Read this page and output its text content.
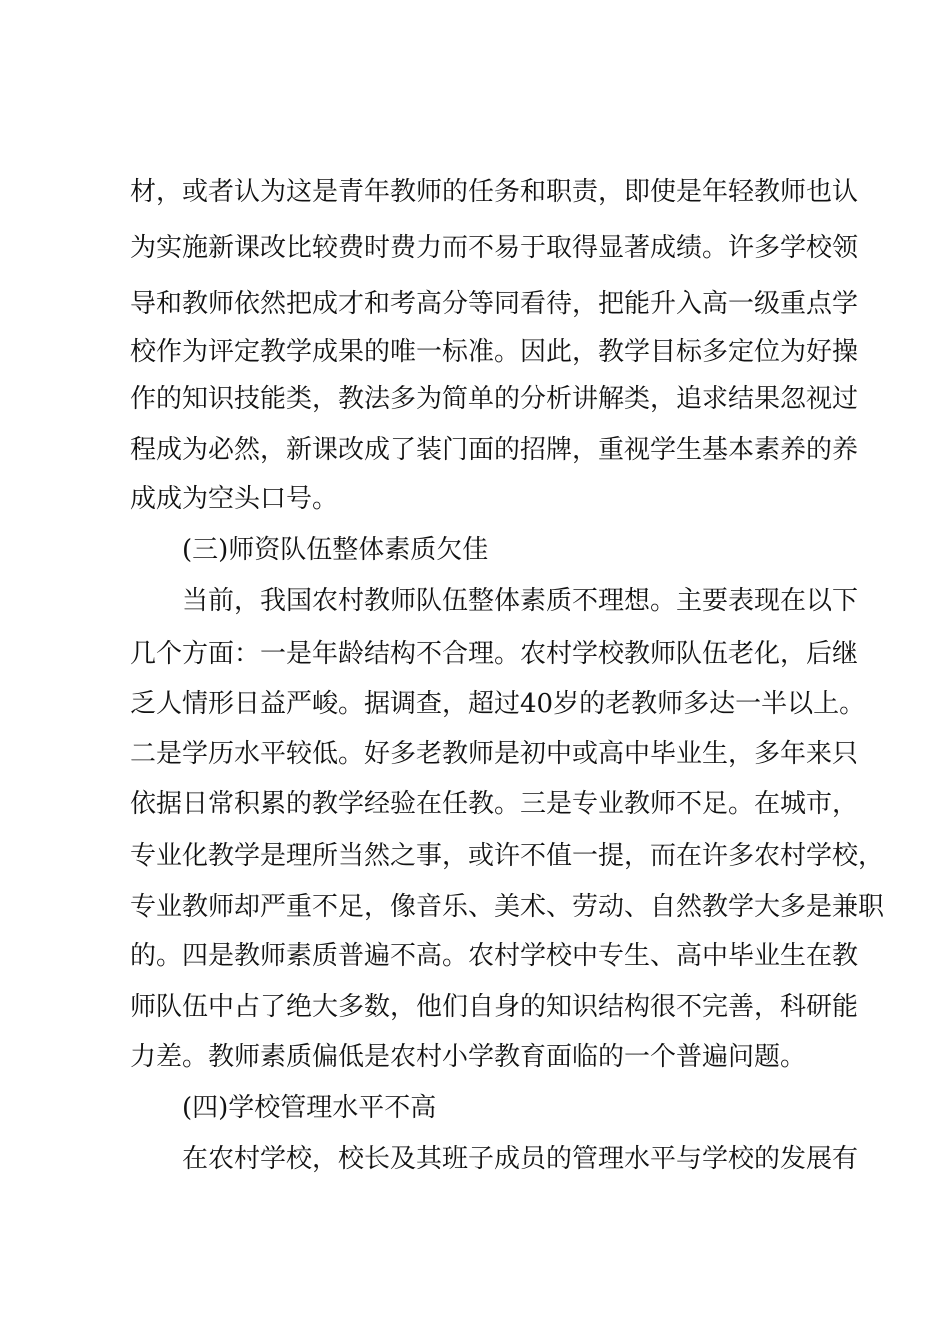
材，或者认为这是青年教师的任务和职责，即使是年轻教师也认
为实施新课改比较费时费力而不易于取得显著成绩。许多学校领
导和教师依然把成才和考高分等同看待，把能升入高一级重点学
校作为评定教学成果的唯一标准。因此，教学目标多定位为好操
作的知识技能类，教法多为简单的分析讲解类，追求结果忽视过
程成为必然，新课改成了装门面的招牌，重视学生基本素养的养
成成为空头口号。
(三)师资队伍整体素质欠佳
当前，我国农村教师队伍整体素质不理想。主要表现在以下
几个方面：一是年龄结构不合理。农村学校教师队伍老化，后继
乏人情形日益严峻。据调查，超过40岁的老教师多达一半以上。
二是学历水平较低。好多老教师是初中或高中毕业生，多年来只
依据日常积累的教学经验在任教。三是专业教师不足。在城市，
专业化教学是理所当然之事，或许不值一提，而在许多农村学校，
专业教师却严重不足，像音乐、美术、劳动、自然教学大多是兼职
的。四是教师素质普遍不高。农村学校中专生、高中毕业生在教
师队伍中占了绝大多数，他们自身的知识结构很不完善，科研能
力差。教师素质偏低是农村小学教育面临的一个普遍问题。
(四)学校管理水平不高
在农村学校，校长及其班子成员的管理水平与学校的发展有
